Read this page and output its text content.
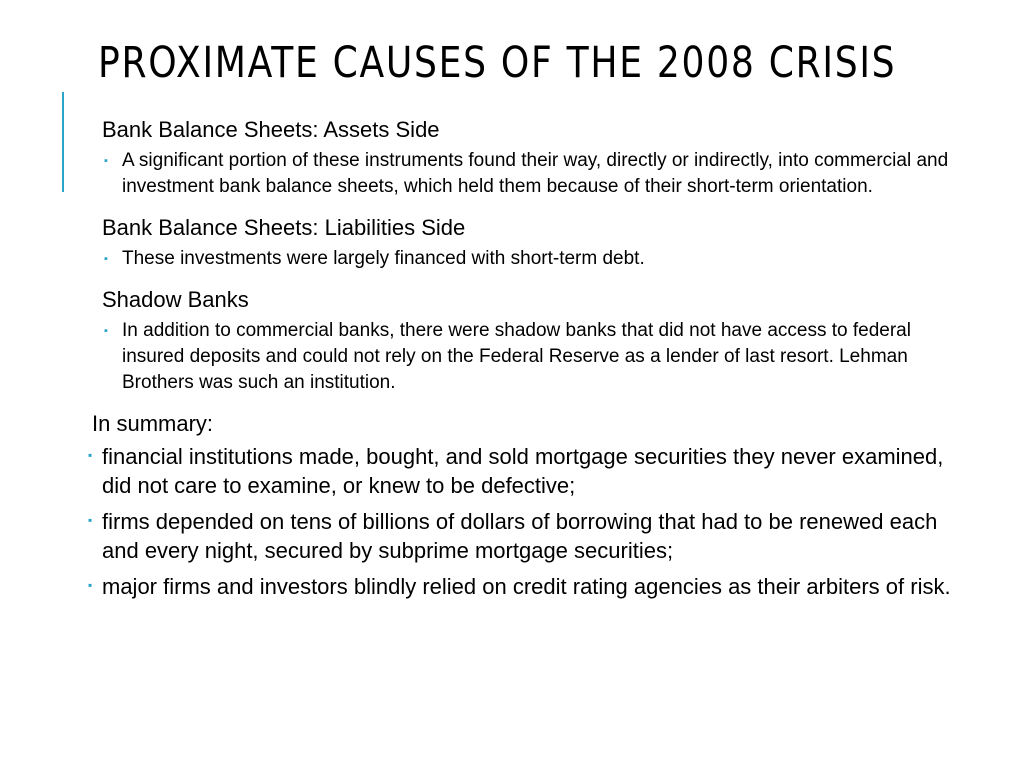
PROXIMATE CAUSES OF THE 2008 CRISIS
Bank Balance Sheets: Assets Side
▪ A significant portion of these instruments found their way, directly or indirectly, into commercial and investment bank balance sheets, which held them because of their short-term orientation.
Bank Balance Sheets: Liabilities Side
▪ These investments were largely financed with short-term debt.
Shadow Banks
▪ In addition to commercial banks, there were shadow banks that did not have access to federal insured deposits and could not rely on the Federal Reserve as a lender of last resort. Lehman Brothers was such an institution.
In summary:
▪ financial institutions made, bought, and sold mortgage securities they never examined, did not care to examine, or knew to be defective;
▪ firms depended on tens of billions of dollars of borrowing that had to be renewed each and every night, secured by subprime mortgage securities;
▪ major firms and investors blindly relied on credit rating agencies as their arbiters of risk.
